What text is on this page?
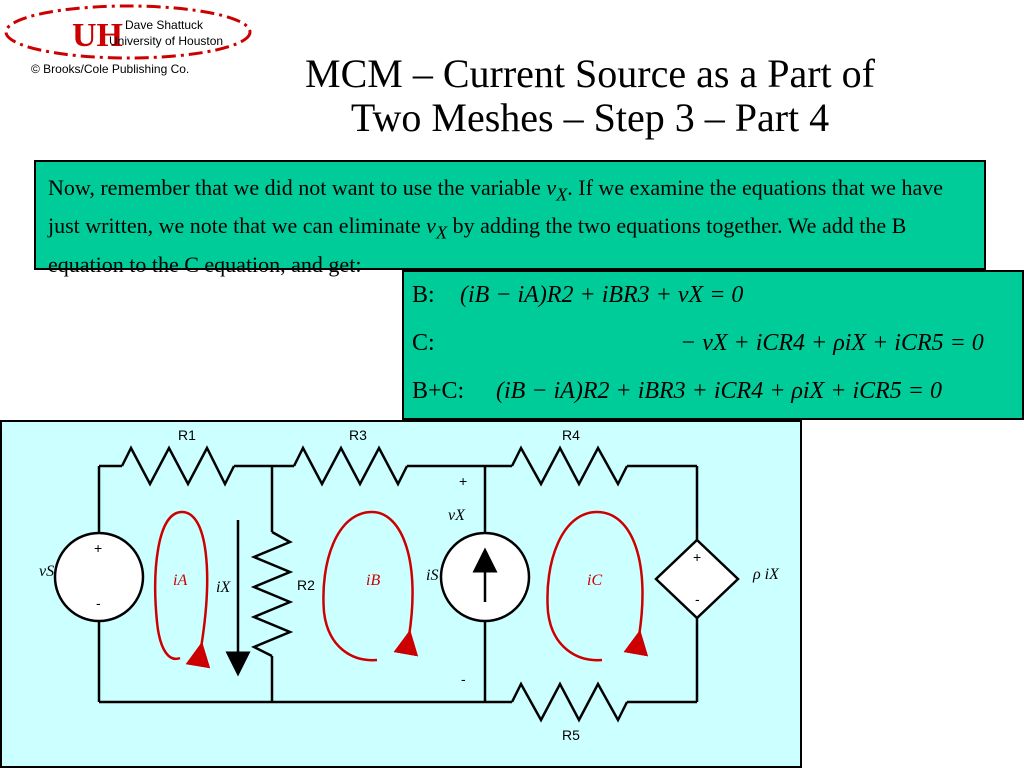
UH Dave Shattuck
University of Houston
© Brooks/Cole Publishing Co.	MCM – Current Source as a Part of
Two Meshes – Step 3 – Part 4
Now, remember that we did not want to use the variable $v_X$. If we examine the equations that we have just written, we note that we can eliminate $v_X$ by adding the two equations together. We add the B equation to the C equation, and get:
B: (iB − iA)R2 + iBR3 + vX = 0
C:	− vX + iCR4 + ρiX + iCR5 = 0
B+C: (iB − iA)R2 + iBR3 + iCR4 + ρiX + iCR5 = 0
+
-
+
-
+
-
R1	R3	R4
R5
R2
vS	iS
iX
vX
iA	iB	iC	ρ iX
